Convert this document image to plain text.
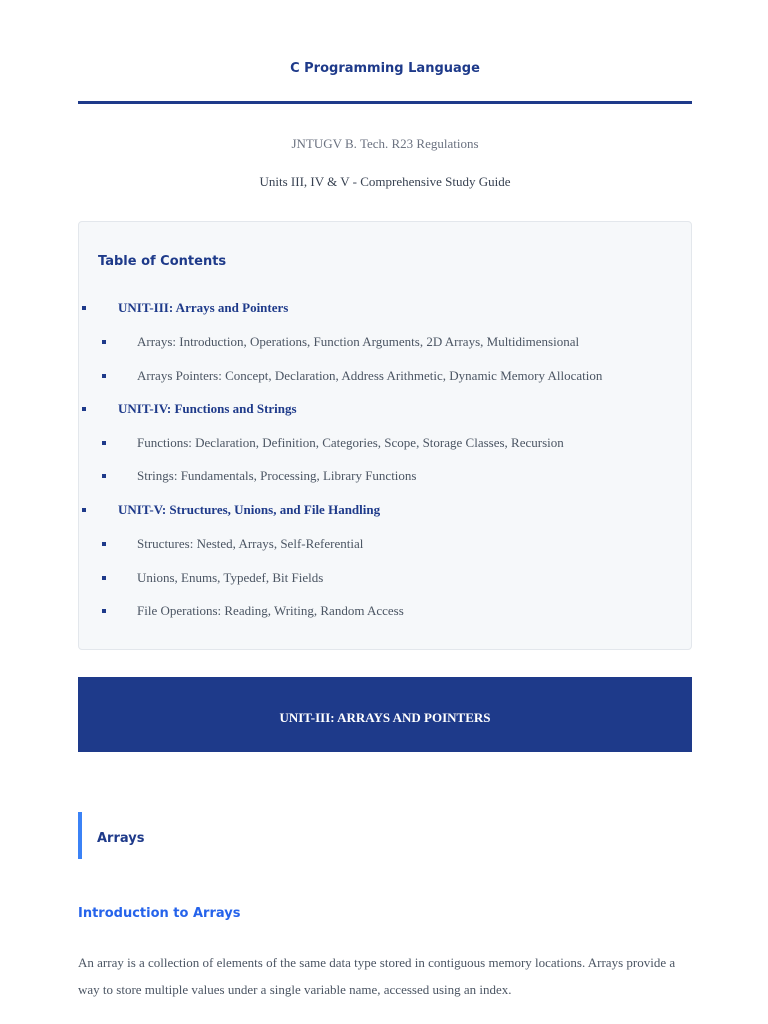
C Programming Language

JNTUGV B. Tech. R23 Regulations

Units III, IV & V - Comprehensive Study Guide

Table of Contents
UNIT-III: Arrays and Pointers
Arrays: Introduction, Operations, Function Arguments, 2D Arrays, Multidimensional
Arrays Pointers: Concept, Declaration, Address Arithmetic, Dynamic Memory Allocation
UNIT-IV: Functions and Strings
Functions: Declaration, Definition, Categories, Scope, Storage Classes, Recursion
Strings: Fundamentals, Processing, Library Functions
UNIT-V: Structures, Unions, and File Handling
Structures: Nested, Arrays, Self-Referential
Unions, Enums, Typedef, Bit Fields
File Operations: Reading, Writing, Random Access
UNIT-III: ARRAYS AND POINTERS
Arrays
Introduction to Arrays

An array is a collection of elements of the same data type stored in contiguous memory locations. Arrays provide a way to store multiple values under a single variable name, accessed using an index.
